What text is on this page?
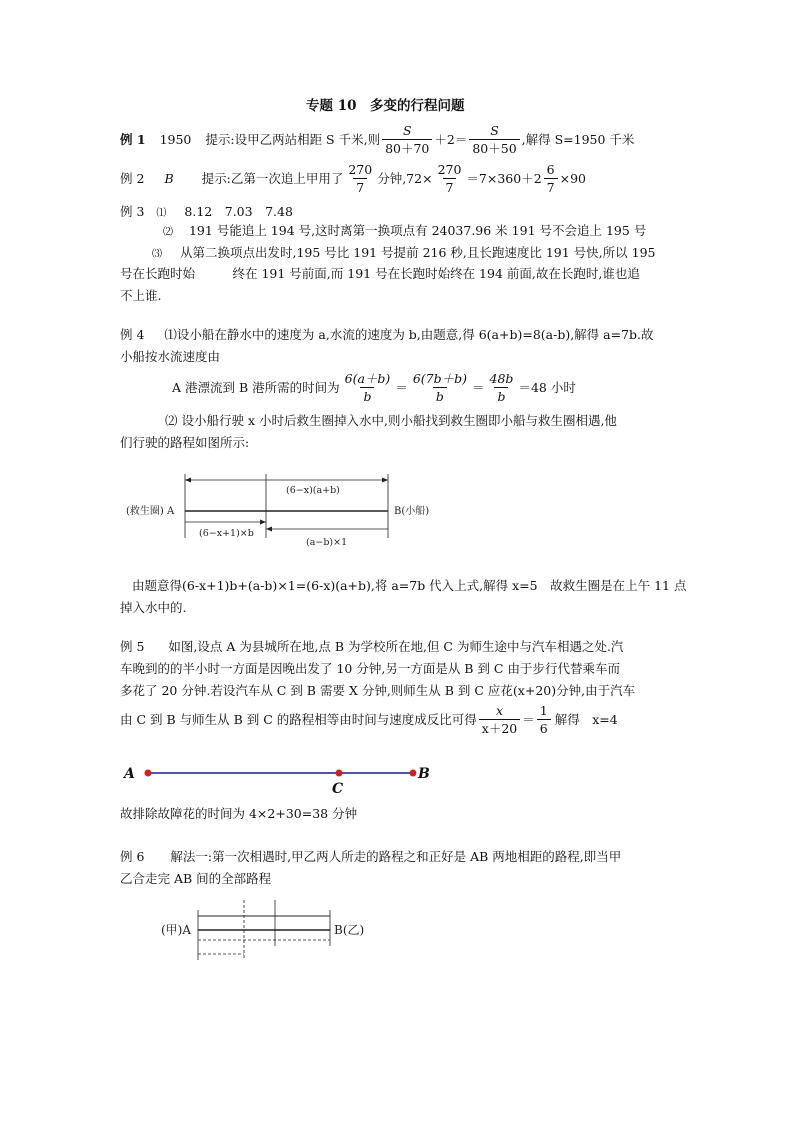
专题 10　多变的行程问题
例 1 1950 提示:设甲乙两站相距 S 千米,则 $\frac{S}{80+70} +2= \frac{S}{80+50}$ ,解得 S=1950 千米
例 2 B 提示:乙第一次追上甲用了 $\frac{270}{7}$ 分钟$,72\times \frac{270}{7} =7\times 360+2 \frac{6}{7} \times 90$
例 3 ⑴ 8.12　7.03　7.48
⑵ 191 号能追上 194 号,这时离第一换项点有 24037.96 米 191 号不会追上 195 号
⑶ 从第二换项点出发时,195 号比 191 号提前 216 秒,且长跑速度比 191 号快,所以 195
号在长跑时始　　　终在 191 号前面,而 191 号在长跑时始终在 194 前面,故在长跑时,谁也追
不上谁.
例 4 ⑴设小船在静水中的速度为 a,水流的速度为 b,由题意,得 6(a+b)=8(a-b),解得 a=7b.故
小船按水流速度由
A 港漂流到 B 港所需的时间为 $\frac{6(a+b)}{b} = \frac{6(7b+b)}{b} = \frac{48b}{b} =48$ 小时
⑵ 设小船行驶 x 小时后救生圈掉入水中,则小船找到救生圈即小船与救生圈相遇,他
们行驶的路程如图所示:
(救生圈) A	B(小船)
(6−x)(a+b)
(6−x+1)×b
(a−b)×1
由题意得(6-x+1)b+(a-b)×1=(6-x)(a+b),将 a=7b 代入上式,解得 x=5　故救生圈是在上午 11 点
掉入水中的.
例 5 如图,设点 A 为县城所在地,点 B 为学校所在地,但 C 为师生途中与汽车相遇之处.汽
车晚到的的半小时一方面是因晚出发了 10 分钟,另一方面是从 B 到 C 由于步行代替乘车而
多花了 20 分钟.若设汽车从 C 到 B 需要 X 分钟,则师生从 B 到 C 应花(x+20)分钟,由于汽车
由 C 到 B 与师生从 B 到 C 的路程相等由时间与速度成反比可得 $\frac{x}{x+20} = \frac{1}{6}$ 解得　x=4
A	B
C
故排除故障花的时间为 4×2+30=38 分钟
例 6 解法一:第一次相遇时,甲乙两人所走的路程之和正好是 AB 两地相距的路程,即当甲
乙合走完 AB 间的全部路程
(甲)A	B(乙)
